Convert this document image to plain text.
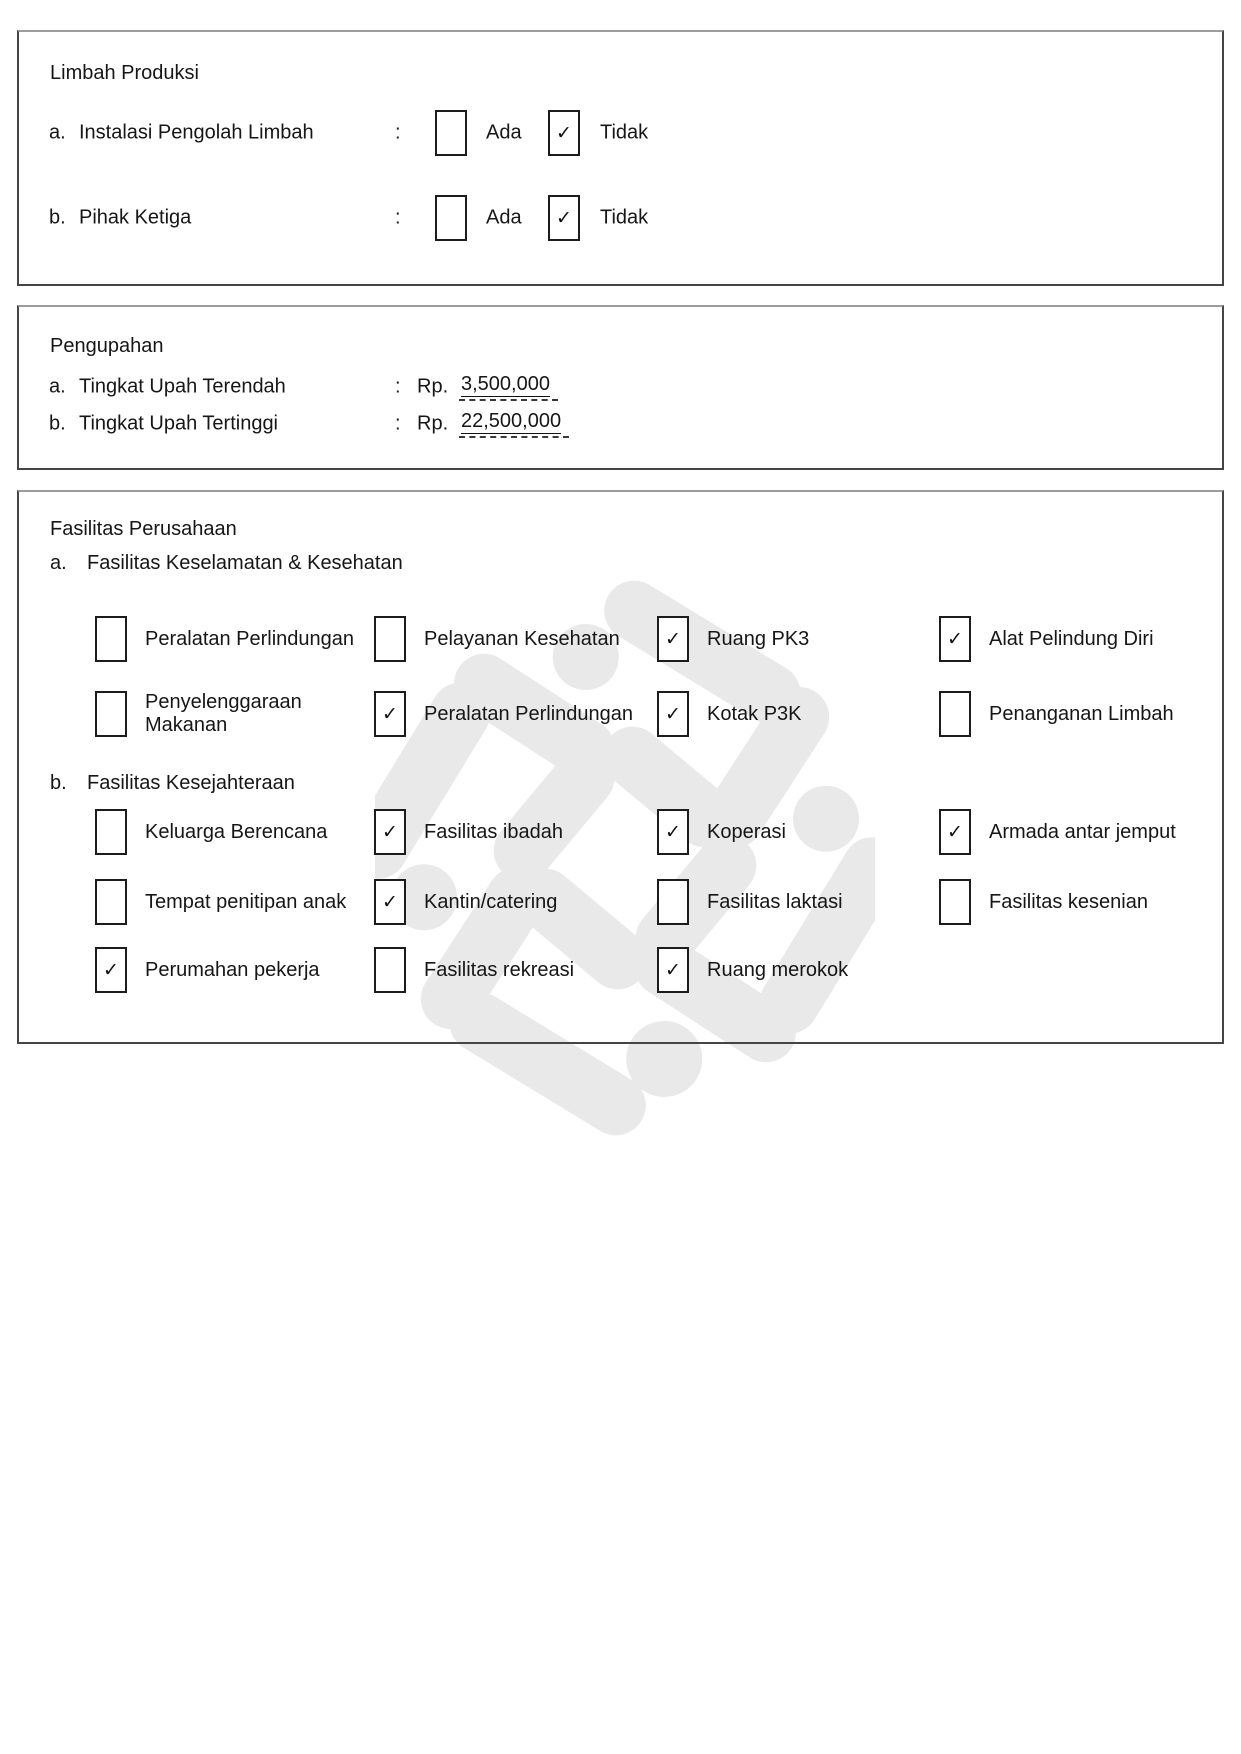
Limbah Produksi
a. Instalasi Pengolah Limbah	:	Ada ✓ Tidak
b. Pihak Ketiga	:	Ada ✓ Tidak
Pengupahan
a. Tingkat Upah Terendah	: Rp. 3,500,000
b. Tingkat Upah Tertinggi	: Rp. 22,500,000
Fasilitas Perusahaan
a.	Fasilitas Keselamatan & Kesehatan
Peralatan Perlindungan	Pelayanan Kesehatan ✓ Ruang PK3	✓ Alat Pelindung Diri
Penyelenggaraan Makanan	✓ Peralatan Perlindungan ✓ Kotak P3K	Penanganan Limbah
b.	Fasilitas Kesejahteraan
Keluarga Berencana	✓ Fasilitas ibadah	✓ Koperasi	✓ Armada antar jemput
Tempat penitipan anak ✓ Kantin/catering	Fasilitas laktasi	Fasilitas kesenian
✓ Perumahan pekerja	Fasilitas rekreasi	✓ Ruang merokok
